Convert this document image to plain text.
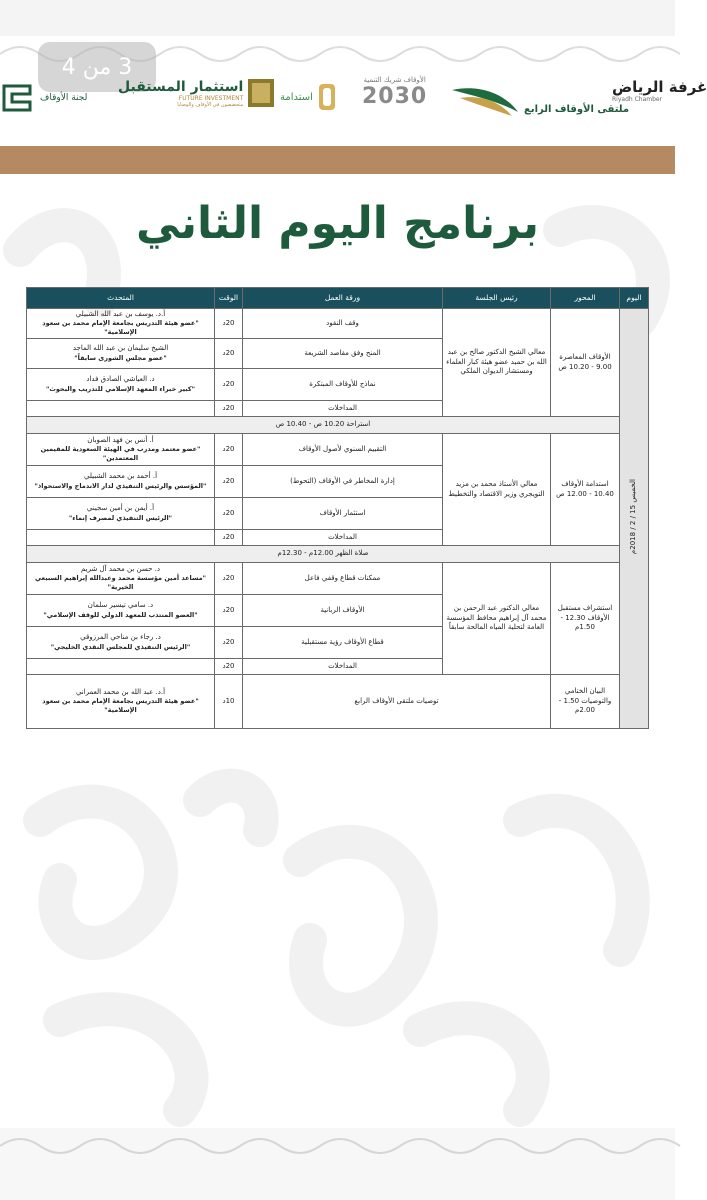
3 من 4
غرفة الرياض
Riyadh Chamber
ملتقى الأوقاف الرابع
الأوقاف شريك التنمية
2030
استدامة
استثمار المستقبل
FUTURE INVESTMENT
متخصصون في الأوقاف والوصايا
لجنة الأوقاف
برنامج اليوم الثاني
اليوم	المحور	رئيس الجلسة	ورقة العمل	الوقت	المتحدث
الخميس 15 / 2 / 2018م	الأوقاف المعاصرة 9.00 - 10.20 ص	معالي الشيخ الدكتور صالح بن عبد الله بن حميد عضو هيئة كبار العلماء ومستشار الديوان الملكي	وقف النقود	20د	أ.د. يوسف بن عبد الله الشبيلي
"عضو هيئة التدريس بجامعة الإمام محمد بن سعود الإسلامية"

			المنح وفق مقاصد الشريعة	20د	الشيخ سليمان بن عبد الله الماجد
"عضو مجلس الشورى سابقاً"

			نماذج للأوقاف المبتكرة	20د	د. العياشي الصادق فداد
"كبير خبراء المعهد الإسلامي للتدريب والبحوث"

			المداخلات	20د	
	استراحة 10.20 ص - 10.40 ص				
	استدامة الأوقاف 10.40 - 12.00 ص	معالي الأستاذ محمد بن مزيد التويجري وزير الاقتصاد والتخطيط	التقييم السنوي لأصول الأوقاف	20د	أ. أنس بن فهد الصوبان
"عضو معتمد ومدرب في الهيئة السعودية للمقيمين المعتمدين"

			إدارة المخاطر في الأوقاف (التحوط)	20د	أ. أحمد بن محمد الشبيلي
"المؤسس والرئيس التنفيذي لدار الاندماج والاستحواذ"

			استثمار الأوقاف	20د	أ. أيمن بن أمين سجيني
"الرئيس التنفيذي لمصرف إنماء"

			المداخلات	20د	
	صلاة الظهر 12.00م - 12.30م				
	استشراف مستقبل الأوقاف 12.30 - 1.50م	معالي الدكتور عبد الرحمن بن محمد آل إبراهيم محافظ المؤسسة العامة لتحلية المياه المالحة سابقاً	ممكنات قطاع وقفي فاعل	20د	د. حسن بن محمد آل شريم
"مساعد أمين مؤسسة محمد وعبدالله إبراهيم السبيعي الخيرية"

			الأوقاف الربانية	20د	د. سامي تيسير سلمان
"العضو المنتدب للمعهد الدولي للوقف الإسلامي"

			قطاع الأوقاف رؤية مستقبلية	20د	د. رجاء بن مناحي المرزوقي
"الرئيس التنفيذي للمجلس النقدي الخليجي"

			المداخلات	20د	
	البيان الختامي والتوصيات 1.50 - 2.00م	توصيات ملتقى الأوقاف الرابع		10د	أ.د. عبد الله بن محمد العمراني
"عضو هيئة التدريس بجامعة الإمام محمد بن سعود الإسلامية"
